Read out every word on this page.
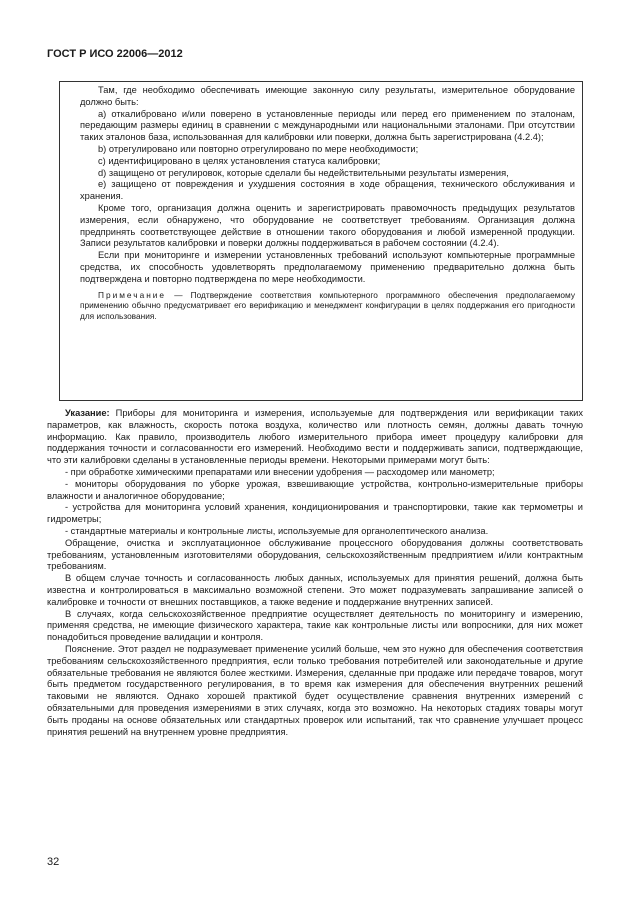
ГОСТ Р ИСО 22006—2012

Там, где необходимо обеспечивать имеющие законную силу результаты, измерительное оборудование должно быть:

a) откалибровано и/или поверено в установленные периоды или перед его применением по эталонам, передающим размеры единиц в сравнении с международными или национальными эталонами. При отсутствии таких эталонов база, использованная для калибровки или поверки, должна быть зарегистрирована (4.2.4);

b) отрегулировано или повторно отрегулировано по мере необходимости;

c) идентифицировано в целях установления статуса калибровки;

d) защищено от регулировок, которые сделали бы недействительными результаты измерения,

e) защищено от повреждения и ухудшения состояния в ходе обращения, технического обслуживания и хранения.

Кроме того, организация должна оценить и зарегистрировать правомочность предыдущих результатов измерения, если обнаружено, что оборудование не соответствует требованиям. Организация должна предпринять соответствующее действие в отношении такого оборудования и любой измеренной продукции. Записи результатов калибровки и поверки должны поддерживаться в рабочем состоянии (4.2.4).

Если при мониторинге и измерении установленных требований используют компьютерные программные средства, их способность удовлетворять предполагаемому применению предварительно должна быть подтверждена и повторно подтверждена по мере необходимости.

Примечание — Подтверждение соответствия компьютерного программного обеспечения предполагаемому применению обычно предусматривает его верификацию и менеджмент конфигурации в целях поддержания его пригодности для использования.

Указание: Приборы для мониторинга и измерения, используемые для подтверждения или верификации таких параметров, как влажность, скорость потока воздуха, количество или плотность семян, должны давать точную информацию. Как правило, производитель любого измерительного прибора имеет процедуру калибровки для поддержания точности и согласованности его измерений. Необходимо вести и поддерживать записи, подтверждающие, что эти калибровки сделаны в установленные периоды времени. Некоторыми примерами могут быть:

- при обработке химическими препаратами или внесении удобрения — расходомер или манометр;

- мониторы оборудования по уборке урожая, взвешивающие устройства, контрольно-измерительные приборы влажности и аналогичное оборудование;

- устройства для мониторинга условий хранения, кондиционирования и транспортировки, такие как термометры и гидрометры;

- стандартные материалы и контрольные листы, используемые для органолептического анализа.

Обращение, очистка и эксплуатационное обслуживание процессного оборудования должны соответствовать требованиям, установленным изготовителями оборудования, сельскохозяйственным предприятием и/или контрактным требованиям.

В общем случае точность и согласованность любых данных, используемых для принятия решений, должна быть известна и контролироваться в максимально возможной степени. Это может подразумевать запрашивание записей о калибровке и точности от внешних поставщиков, а также ведение и поддержание внутренних записей.

В случаях, когда сельскохозяйственное предприятие осуществляет деятельность по мониторингу и измерению, применяя средства, не имеющие физического характера, такие как контрольные листы или вопросники, для них может понадобиться проведение валидации и контроля.

Пояснение. Этот раздел не подразумевает применение усилий больше, чем это нужно для обеспечения соответствия требованиям сельскохозяйственного предприятия, если только требования потребителей или законодательные и другие обязательные требования не являются более жесткими. Измерения, сделанные при продаже или передаче товаров, могут быть предметом государственного регулирования, в то время как измерения для обеспечения внутренних решений таковыми не являются. Однако хорошей практикой будет осуществление сравнения внутренних измерений с обязательными для проведения измерениями в этих случаях, когда это возможно. На некоторых стадиях товары могут быть проданы на основе обязательных или стандартных проверок или испытаний, так что сравнение улучшает процесс принятия решений на внутреннем уровне предприятия.

32
